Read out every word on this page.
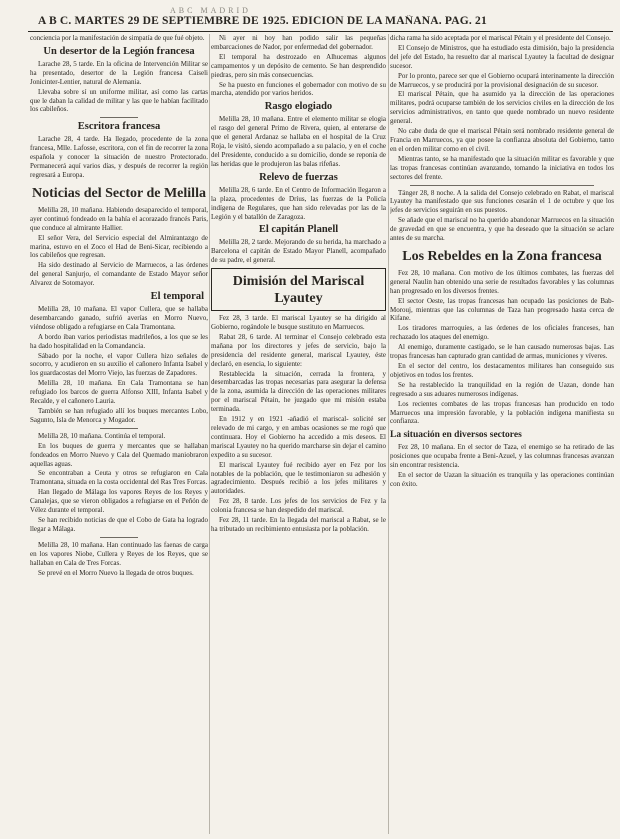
ABC MADRID
A B C. MARTES 29 DE SEPTIEMBRE DE 1925. EDICION DE LA MAÑANA. PAG. 21

conciencia por la manifestación de simpatía de que fué objeto.

Un desertor de la Legión francesa

Larache 28, 5 tarde. En la oficina de Intervención Militar se ha presentado, desertor de la Legión francesa Caiseli Jonicinter-Lentier, natural de Alemania.

Llevaba sobre sí un uniforme militar, así como las cartas que le daban la calidad de militar y las que le habían facilitado los cabileños.

Escritora francesa

Larache 28, 4 tarde. Ha llegado, procedente de la zona francesa, Mlle. Lafosse, escritora, con el fin de recorrer la zona española y conocer la situación de nuestro Protectorado. Permanecerá aquí varios días, y después de recorrer la región regresará a Europa.

Noticias del Sector de Melilla

Melilla 28, 10 mañana. Habiendo desaparecido el temporal, ayer continuó fondeado en la bahía el acorazado francés Paris, que conduce al almirante Hallier.

El señor Vera, del Servicio especial del Almirantazgo de marina, estuvo en el Zoco el Had de Beni-Sicar, recibiendo a los cabileños que regresan.

Ha sido destinado al Servicio de Marruecos, a las órdenes del general Sanjurjo, el comandante de Estado Mayor señor Alvarez de Sotomayor.

El temporal

Melilla 28, 10 mañana. El vapor Cullera, que se hallaba desembarcando ganado, sufrió averías en Morro Nuevo, viéndose obligado a refugiarse en Cala Tramontana.

A bordo iban varios periodistas madrileños, a los que se les ha dado hospitalidad en la Comandancia.

Sábado por la noche, el vapor Cullera hizo señales de socorro, y acudieron en su auxilio el cañonero Infanta Isabel y los guardacostas del Morro Viejo, las fuerzas de Zapadores.

Melilla 28, 10 mañana. En Cala Tramontana se han refugiado los barcos de guerra Alfonso XIII, Infanta Isabel y Recalde, y el cañonero Lauria.

También se han refugiado allí los buques mercantes Lobo, Sagunto, Isla de Menorca y Mogador.

Melilla 28, 10 mañana. Continúa el temporal.

En los buques de guerra y mercantes que se hallaban fondeados en Morro Nuevo y Cala del Quemado maniobraron aquellas aguas.

Se encontraban a Ceuta y otros se refugiaron en Cala Tramontana, situada en la costa occidental del Ras Tres Forcas.

Han llegado de Málaga los vapores Reyes de los Reyes y Canalejas, que se vieron obligados a refugiarse en el Peñón de Vélez durante el temporal.

Se han recibido noticias de que el Cobo de Gata ha logrado llegar a Málaga.

Melilla 28, 10 mañana. Han continuado las faenas de carga en los vapores Niobe, Cullera y Reyes de los Reyes, que se hallaban en Cala de Tres Forcas.

Se prevé en el Morro Nuevo la llegada de otros buques.

Ni ayer ni hoy han podido salir las pequeñas embarcaciones de Nador, por enfermedad del gobernador.

El temporal ha destrozado en Alhucemas algunos campamentos y un depósito de cemento. Se han desprendido piedras, pero sin más consecuencias.

Se ha puesto en funciones el gobernador con motivo de su marcha, atendido por varios heridos.

Rasgo elogiado

Melilla 28, 10 mañana. Entre el elemento militar se elogia el rasgo del general Primo de Rivera, quien, al enterarse de que el general Ardanaz se hallaba en el hospital de la Cruz Roja, le visitó, siendo acompañado a su palacio, y en el coche del Presidente, conducido a su domicilio, donde se reponía de las heridas que le produjeron las balas rifeñas.

Relevo de fuerzas

Melilla 28, 6 tarde. En el Centro de Información llegaron a la plaza, procedentes de Dríus, las fuerzas de la Policía indígena de Regulares, que han sido relevadas por las de la Legión y el batallón de Zaragoza.

El capitán Planell

Melilla 28, 2 tarde. Mejorando de su herida, ha marchado a Barcelona el capitán de Estado Mayor Planell, acompañado de su padre, el general.

Dimisión del Mariscal Lyautey

Fez 28, 3 tarde. El mariscal Lyautey se ha dirigido al Gobierno, rogándole le busque sustituto en Marruecos.

Rabat 28, 6 tarde. Al terminar el Consejo celebrado esta mañana por los directores y jefes de servicio, bajo la presidencia del residente general, mariscal Lyautey, éste declaró, en esencia, lo siguiente:

Restablecida la situación, cerrada la frontera, y desembarcadas las tropas necesarias para asegurar la defensa de la zona, asumida la dirección de las operaciones militares por el mariscal Pétain, he juzgado que mi misión estaba terminada.

En 1912 y en 1921 -añadió el mariscal- solicité ser relevado de mi cargo, y en ambas ocasiones se me rogó que continuara. Hoy el Gobierno ha accedido a mis deseos. El mariscal Lyautey no ha querido marcharse sin dejar el camino expedito a su sucesor.

El mariscal Lyautey fué recibido ayer en Fez por los notables de la población, que le testimoniaron su adhesión y agradecimiento. Después recibió a los jefes militares y autoridades.

Fez 28, 8 tarde. Los jefes de los servicios de Fez y la colonia francesa se han despedido del mariscal.

Fez 28, 11 tarde. En la llegada del mariscal a Rabat, se le ha tributado un recibimiento entusiasta por la población.

dicha rama ha sido aceptada por el mariscal Pétain y el presidente del Consejo.

El Consejo de Ministros, que ha estudiado esta dimisión, bajo la presidencia del jefe del Estado, ha resuelto dar al mariscal Lyautey la facultad de designar sucesor.

Por lo pronto, parece ser que el Gobierno ocupará interinamente la dirección de Marruecos, y se producirá por la provisional designación de su sucesor.

El mariscal Pétain, que ha asumido ya la dirección de las operaciones militares, podrá ocuparse también de los servicios civiles en la dirección de los servicios administrativos, en tanto que quede nombrado un nuevo residente general.

No cabe duda de que el mariscal Pétain será nombrado residente general de Francia en Marruecos, ya que posee la confianza absoluta del Gobierno, tanto en el orden militar como en el civil.

Mientras tanto, se ha manifestado que la situación militar es favorable y que las tropas francesas continúan avanzando, tomando la iniciativa en todos los sectores del frente.

Tánger 28, 8 noche. A la salida del Consejo celebrado en Rabat, el mariscal Lyautey ha manifestado que sus funciones cesarán el 1 de octubre y que los jefes de servicios seguirán en sus puestos.

Se añade que el mariscal no ha querido abandonar Marruecos en la situación de gravedad en que se encuentra, y que ha deseado que la situación se aclare antes de su marcha.

Los Rebeldes en la Zona francesa

Fez 28, 10 mañana. Con motivo de los últimos combates, las fuerzas del general Naulin han obtenido una serie de resultados favorables y las columnas han progresado en los diversos frentes.

El sector Oeste, las tropas francesas han ocupado las posiciones de Bab-Morouj, mientras que las columnas de Taza han progresado hasta cerca de Kifane.

Los tiradores marroquíes, a las órdenes de los oficiales franceses, han rechazado los ataques del enemigo.

Al enemigo, duramente castigado, se le han causado numerosas bajas. Las tropas francesas han capturado gran cantidad de armas, municiones y víveres.

En el sector del centro, los destacamentos militares han conseguido sus objetivos en todos los frentes.

Se ha restablecido la tranquilidad en la región de Uazan, donde han regresado a sus aduares numerosos indígenas.

Los recientes combates de las tropas francesas han producido en todo Marruecos una impresión favorable, y la población indígena manifiesta su confianza.

La situación en diversos sectores

Fez 28, 10 mañana. En el sector de Taza, el enemigo se ha retirado de las posiciones que ocupaba frente a Beni-Azuel, y las columnas francesas avanzan sin encontrar resistencia.

En el sector de Uazan la situación es tranquila y las operaciones continúan con éxito.
